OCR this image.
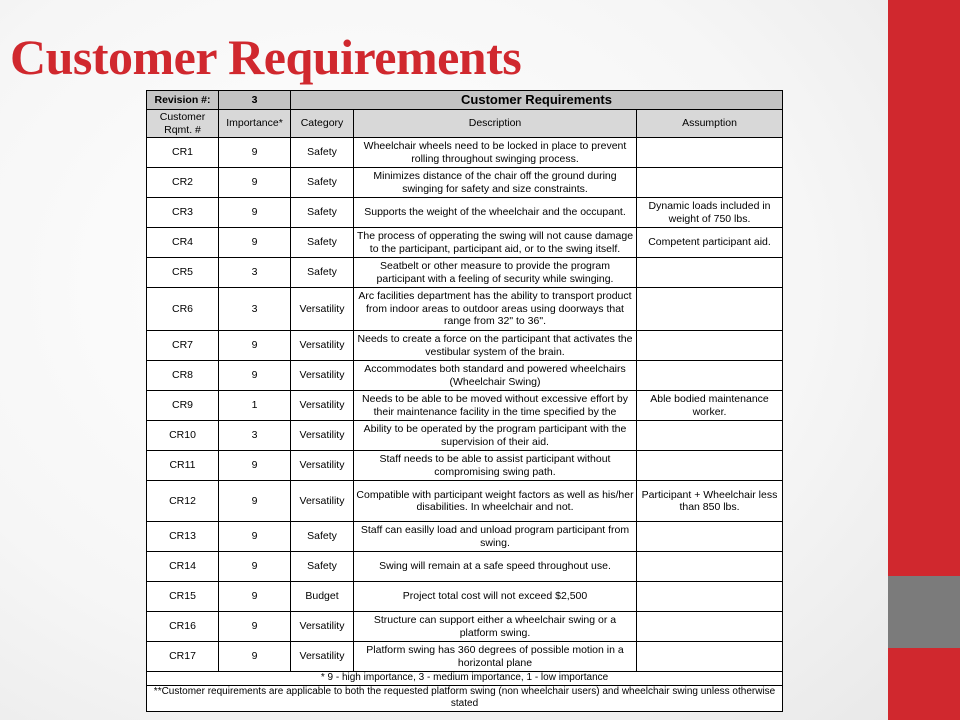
Customer Requirements
Revision #:	3	Customer Requirements		
Customer Rqmt. #	Importance*	Category	Description	Assumption
CR1	9	Safety	Wheelchair wheels need to be locked in place to prevent rolling throughout swinging process.	
CR2	9	Safety	Minimizes distance of the chair off the ground during swinging for safety and size constraints.	
CR3	9	Safety	Supports the weight of the wheelchair and the occupant.	Dynamic loads included in weight of 750 lbs.
CR4	9	Safety	The process of opperating the swing will not cause damage to the participant, participant aid, or to the swing itself.	Competent participant aid.
CR5	3	Safety	Seatbelt or other measure to provide the program participant with a feeling of security while swinging.	
CR6	3	Versatility	Arc facilities department has the ability to transport product from indoor areas to outdoor areas using doorways that range from 32" to 36".	
CR7	9	Versatility	Needs to create a force on the participant that activates the vestibular system of the brain.	
CR8	9	Versatility	Accommodates both standard and powered wheelchairs (Wheelchair Swing)	
CR9	1	Versatility	Needs to be able to be moved without excessive effort by their maintenance facility in the time specified by the	Able bodied maintenance worker.
CR10	3	Versatility	Ability to be operated by the program participant with the supervision of their aid.	
CR11	9	Versatility	Staff needs to be able to assist participant without compromising swing path.	
CR12	9	Versatility	Compatible with participant weight factors as well as his/her disabilities. In wheelchair and not.	Participant + Wheelchair less than 850 lbs.
CR13	9	Safety	Staff can easilly load and unload program participant from swing.	
CR14	9	Safety	Swing will remain at a safe speed throughout use.	
CR15	9	Budget	Project total cost will not exceed $2,500	
CR16	9	Versatility	Structure can support either a wheelchair swing or a platform swing.	
CR17	9	Versatility	Platform swing has 360 degrees of possible motion in a horizontal plane	
* 9 - high importance, 3 - medium importance, 1 - low importance				
**Customer requirements are applicable to both the requested platform swing (non wheelchair users) and wheelchair swing unless otherwise stated				
